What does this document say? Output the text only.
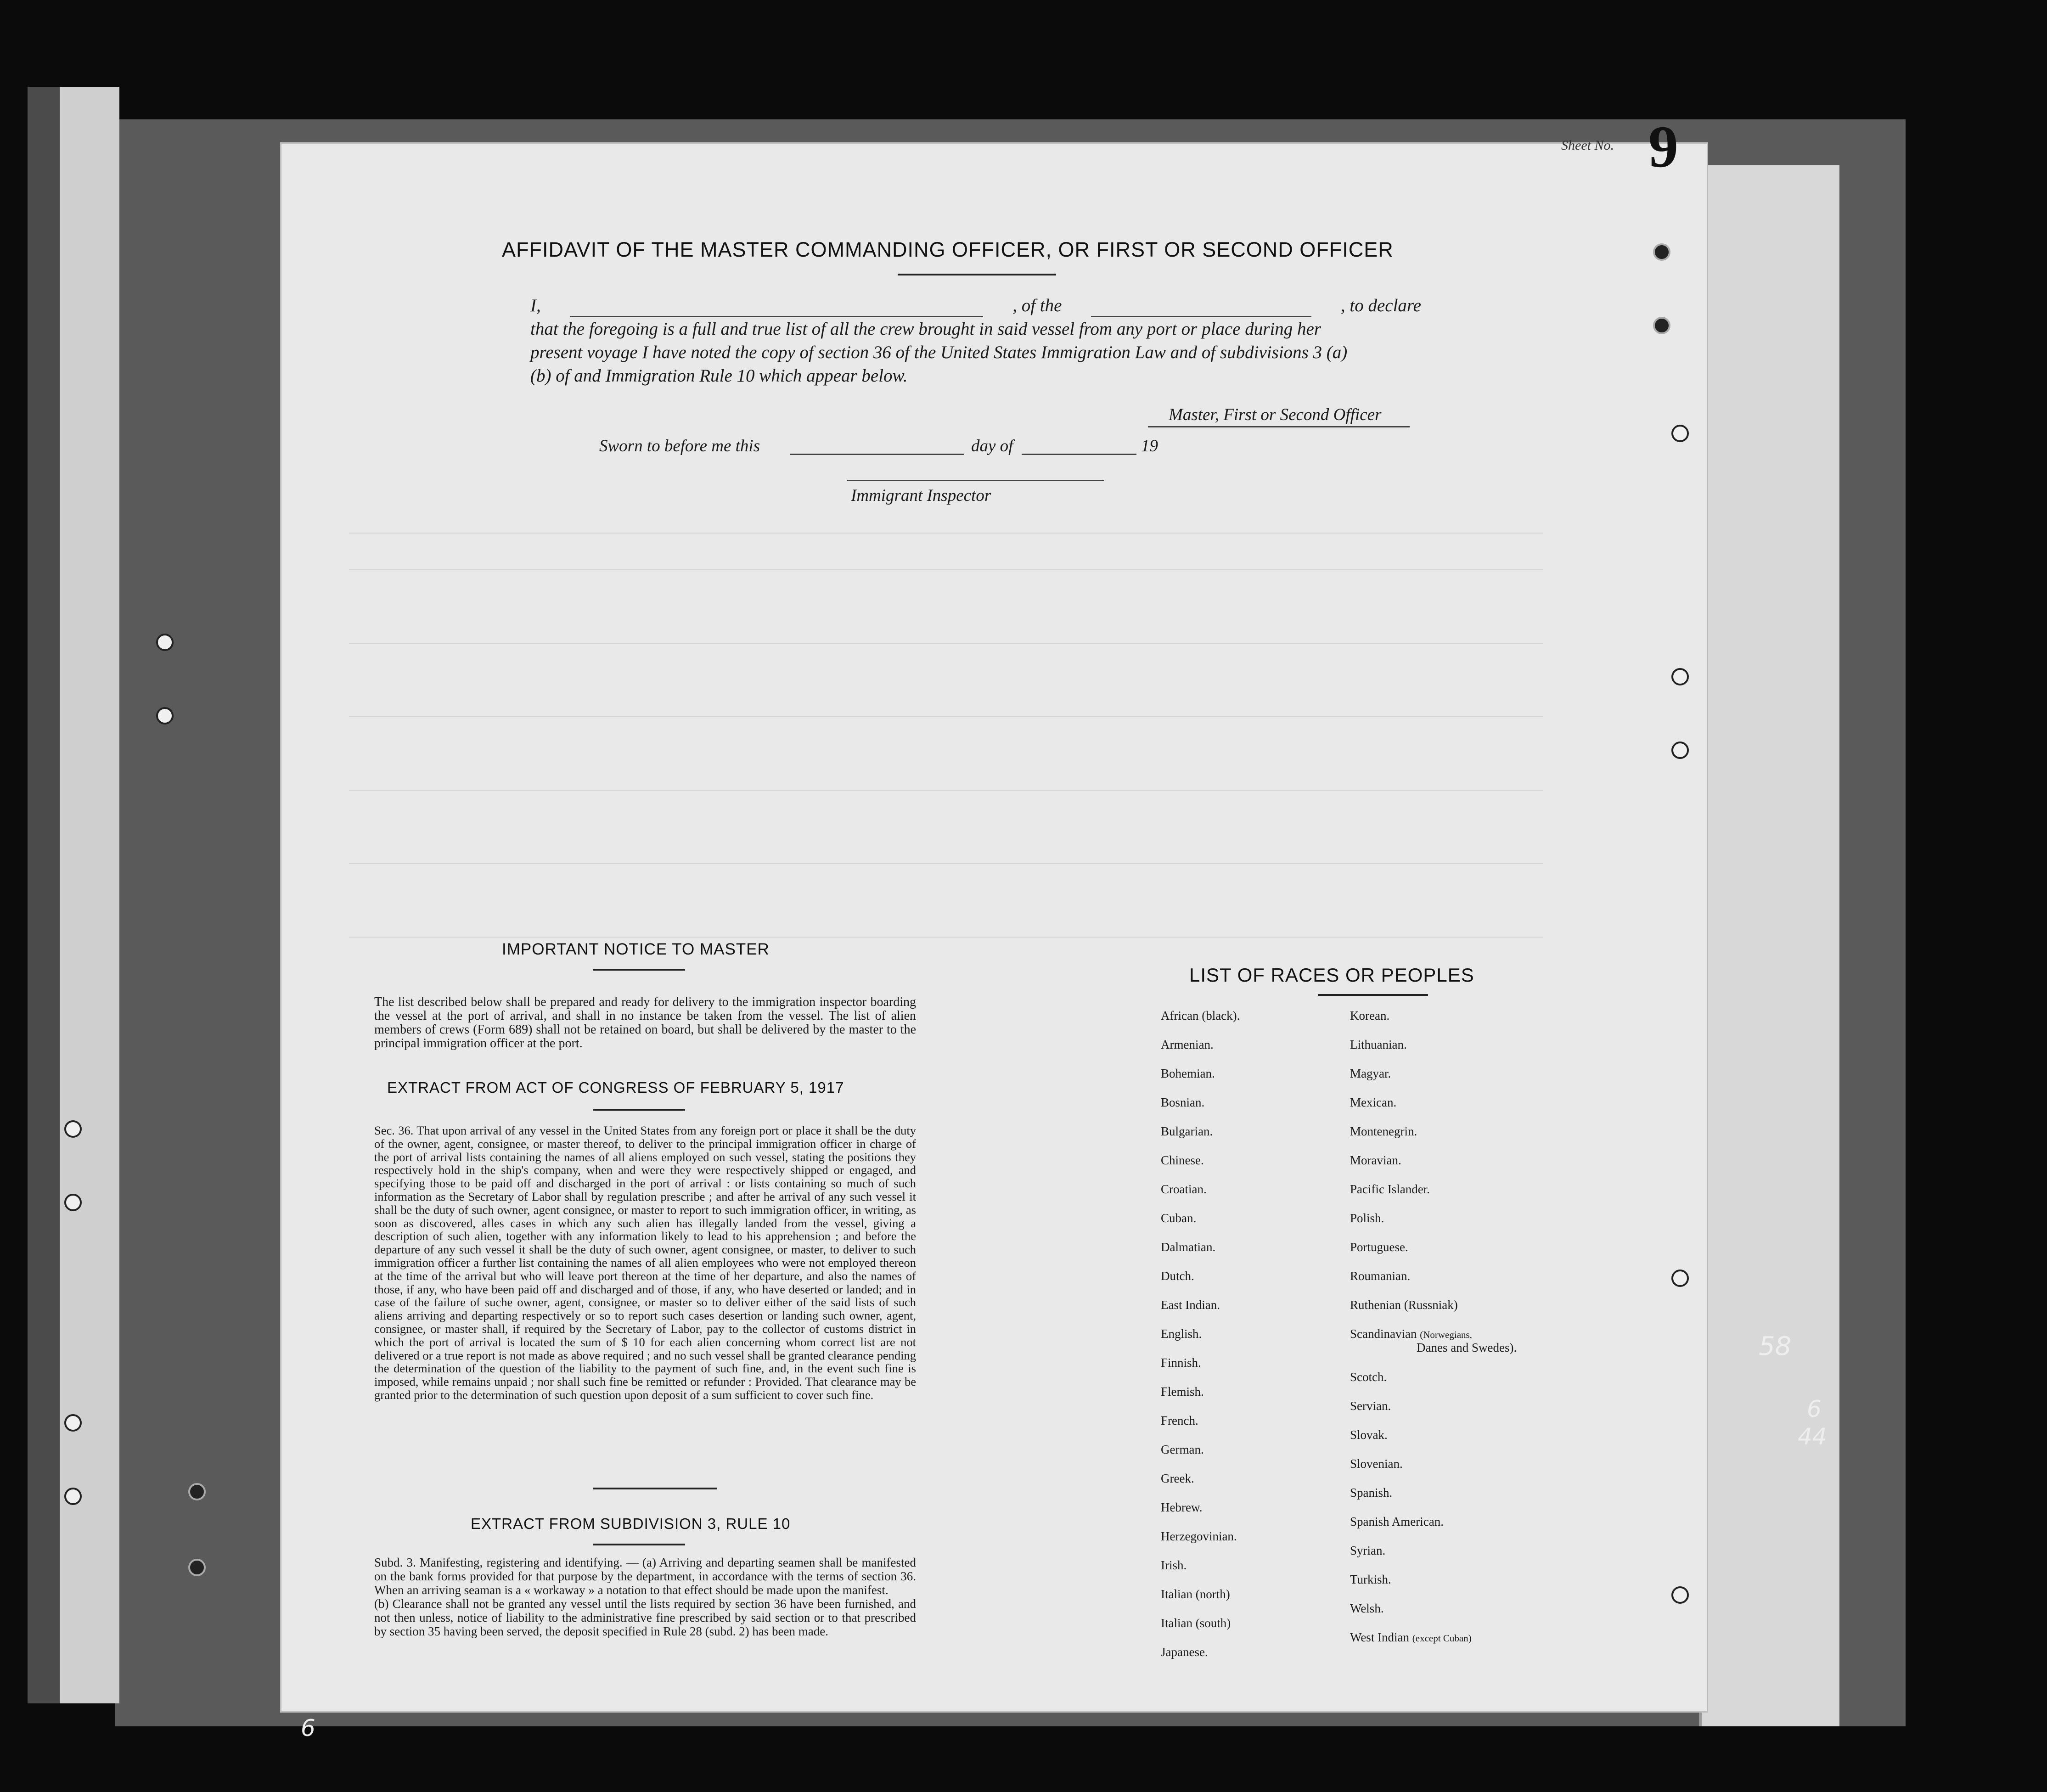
Sheet No. 9
AFFIDAVIT OF THE MASTER COMMANDING OFFICER, OR FIRST OR SECOND OFFICER
I,	, of the	, to declare
that the foregoing is a full and true list of all the crew brought in said vessel from any port or place during her
present voyage I have noted the copy of section 36 of the United States Immigration Law and of subdivisions 3 (a)
(b) of and Immigration Rule 10 which appear below.
Master, First or Second Officer
Sworn to before me this	day of	19
Immigrant Inspector
IMPORTANT NOTICE TO MASTER
The list described below shall be prepared and ready for delivery to the immigration inspector boarding the vessel at the port of arrival, and shall in no instance be taken from the vessel. The list of alien members of crews (Form 689) shall not be retained on board, but shall be delivered by the master to the principal immigration officer at the port.
EXTRACT FROM ACT OF CONGRESS OF FEBRUARY 5, 1917
Sec. 36. That upon arrival of any vessel in the United States from any foreign port or place it shall be the duty of the owner, agent, consignee, or master thereof, to deliver to the principal immigration officer in charge of the port of arrival lists containing the names of all aliens employed on such vessel, stating the positions they respectively hold in the ship's company, when and were they were respectively shipped or engaged, and specifying those to be paid off and discharged in the port of arrival : or lists containing so much of such information as the Secretary of Labor shall by regulation prescribe ; and after he arrival of any such vessel it shall be the duty of such owner, agent consignee, or master to report to such immigration officer, in writing, as soon as discovered, alles cases in which any such alien has illegally landed from the vessel, giving a description of such alien, together with any information likely to lead to his apprehension ; and before the departure of any such vessel it shall be the duty of such owner, agent consignee, or master, to deliver to such immigration officer a further list containing the names of all alien employees who were not employed thereon at the time of the arrival but who will leave port thereon at the time of her departure, and also the names of those, if any, who have been paid off and discharged and of those, if any, who have deserted or landed; and in case of the failure of suche owner, agent, consignee, or master so to deliver either of the said lists of such aliens arriving and departing respectively or so to report such cases desertion or landing such owner, agent, consignee, or master shall, if required by the Secretary of Labor, pay to the collector of customs district in which the port of arrival is located the sum of $ 10 for each alien concerning whom correct list are not delivered or a true report is not made as above required ; and no such vessel shall be granted clearance pending the determination of the question of the liability to the payment of such fine, and, in the event such fine is imposed, while remains unpaid ; nor shall such fine be remitted or refunder : Provided. That clearance may be granted prior to the determination of such question upon deposit of a sum sufficient to cover such fine.
EXTRACT FROM SUBDIVISION 3, RULE 10
Subd. 3. Manifesting, registering and identifying. — (a) Arriving and departing seamen shall be manifested on the bank forms provided for that purpose by the department, in accordance with the terms of section 36. When an arriving seaman is a « workaway » a notation to that effect should be made upon the manifest.
(b) Clearance shall not be granted any vessel until the lists required by section 36 have been furnished, and not then unless, notice of liability to the administrative fine prescribed by said section or to that prescribed by section 35 having been served, the deposit specified in Rule 28 (subd. 2) has been made.
LIST OF RACES OR PEOPLES
African (black).
Armenian.
Bohemian.
Bosnian.
Bulgarian.
Chinese.
Croatian.
Cuban.
Dalmatian.
Dutch.
East Indian.
English.
Finnish.
Flemish.
French.
German.
Greek.
Hebrew.
Herzegovinian.
Irish.
Italian (north)
Italian (south)
Japanese.
Korean.
Lithuanian.
Magyar.
Mexican.
Montenegrin.
Moravian.
Pacific Islander.
Polish.
Portuguese.
Roumanian.
Ruthenian (Russniak)
Scandinavian (Norwegians,
Danes and Swedes).
Scotch.
Servian.
Slovak.
Slovenian.
Spanish.
Spanish American.
Syrian.
Turkish.
Welsh.
West Indian (except Cuban)
58
6
44
6
